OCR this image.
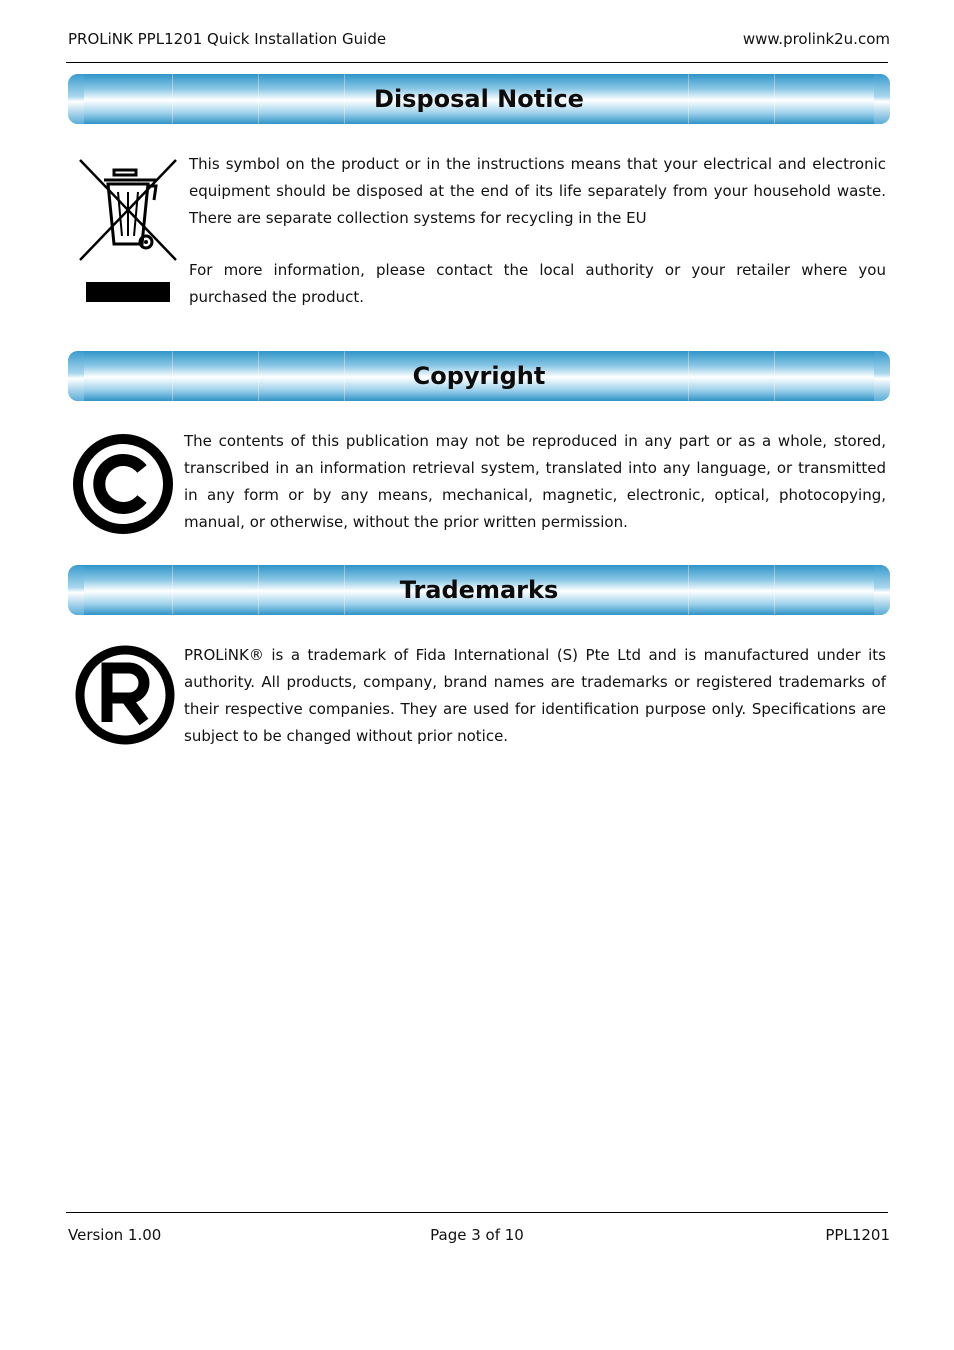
PROLiNK PPL1201 Quick Installation Guide	www.prolink2u.com
Disposal Notice

This symbol on the product or in the instructions means that your electrical and electronic equipment should be disposed at the end of its life separately from your household waste. There are separate collection systems for recycling in the EU

For more information, please contact the local authority or your retailer where you purchased the product.

Copyright

The contents of this publication may not be reproduced in any part or as a whole, stored, transcribed in an information retrieval system, translated into any language, or transmitted in any form or by any means, mechanical, magnetic, electronic, optical, photocopying, manual, or otherwise, without the prior written permission.

Trademarks

PROLiNK® is a trademark of Fida International (S) Pte Ltd and is manufactured under its authority. All products, company, brand names are trademarks or registered trademarks of their respective companies. They are used for identification purpose only. Specifications are subject to be changed without prior notice.

Version 1.00	Page 3 of 10	PPL1201
